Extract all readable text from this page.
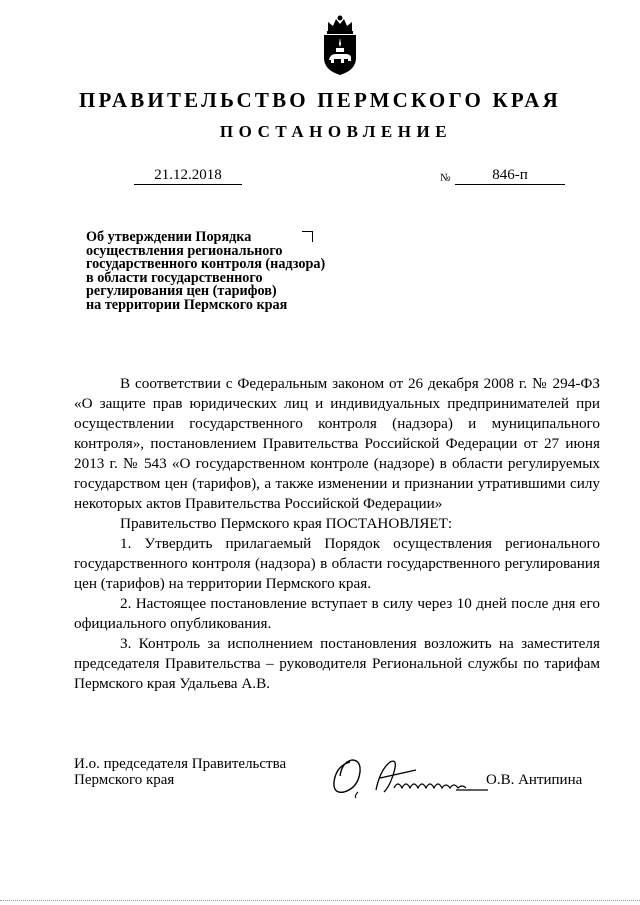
ПРАВИТЕЛЬСТВО ПЕРМСКОГО КРАЯ
ПОСТАНОВЛЕНИЕ
21.12.2018	№	846-п
Об утверждении Порядка
осуществления регионального
государственного контроля (надзора)
в области государственного
регулирования цен (тарифов)
на территории Пермского края

В соответствии с Федеральным законом от 26 декабря 2008 г. № 294-ФЗ «О защите прав юридических лиц и индивидуальных предпринимателей при осуществлении государственного контроля (надзора) и муниципального контроля», постановлением Правительства Российской Федерации от 27 июня 2013 г. № 543 «О государственном контроле (надзоре) в области регулируемых государством цен (тарифов), а также изменении и признании утратившими силу некоторых актов Правительства Российской Федерации»

Правительство Пермского края ПОСТАНОВЛЯЕТ:

1. Утвердить прилагаемый Порядок осуществления регионального государственного контроля (надзора) в области государственного регулирования цен (тарифов) на территории Пермского края.

2. Настоящее постановление вступает в силу через 10 дней после дня его официального опубликования.

3. Контроль за исполнением постановления возложить на заместителя председателя Правительства – руководителя Региональной службы по тарифам Пермского края Удальева А.В.

И.о. председателя Правительства
Пермского края	О.В. Антипина
